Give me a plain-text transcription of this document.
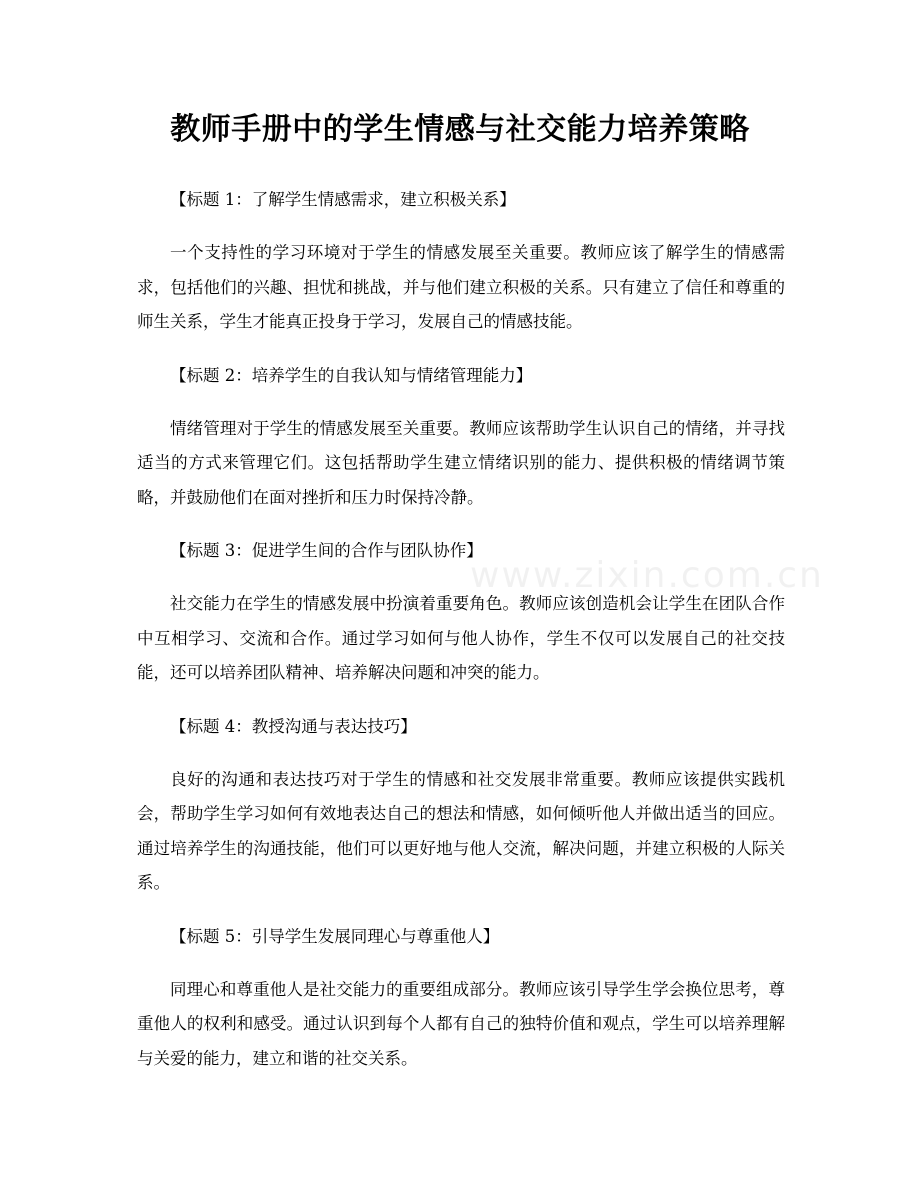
教师手册中的学生情感与社交能力培养策略
www.zixin.com.cn

【标题 1：了解学生情感需求，建立积极关系】

一个支持性的学习环境对于学生的情感发展至关重要。教师应该了解学生的情感需求，包括他们的兴趣、担忧和挑战，并与他们建立积极的关系。只有建立了信任和尊重的师生关系，学生才能真正投身于学习，发展自己的情感技能。

【标题 2：培养学生的自我认知与情绪管理能力】

情绪管理对于学生的情感发展至关重要。教师应该帮助学生认识自己的情绪，并寻找适当的方式来管理它们。这包括帮助学生建立情绪识别的能力、提供积极的情绪调节策略，并鼓励他们在面对挫折和压力时保持冷静。

【标题 3：促进学生间的合作与团队协作】

社交能力在学生的情感发展中扮演着重要角色。教师应该创造机会让学生在团队合作中互相学习、交流和合作。通过学习如何与他人协作，学生不仅可以发展自己的社交技能，还可以培养团队精神、培养解决问题和冲突的能力。

【标题 4：教授沟通与表达技巧】

良好的沟通和表达技巧对于学生的情感和社交发展非常重要。教师应该提供实践机会，帮助学生学习如何有效地表达自己的想法和情感，如何倾听他人并做出适当的回应。通过培养学生的沟通技能，他们可以更好地与他人交流，解决问题，并建立积极的人际关系。

【标题 5：引导学生发展同理心与尊重他人】

同理心和尊重他人是社交能力的重要组成部分。教师应该引导学生学会换位思考，尊重他人的权利和感受。通过认识到每个人都有自己的独特价值和观点，学生可以培养理解与关爱的能力，建立和谐的社交关系。
